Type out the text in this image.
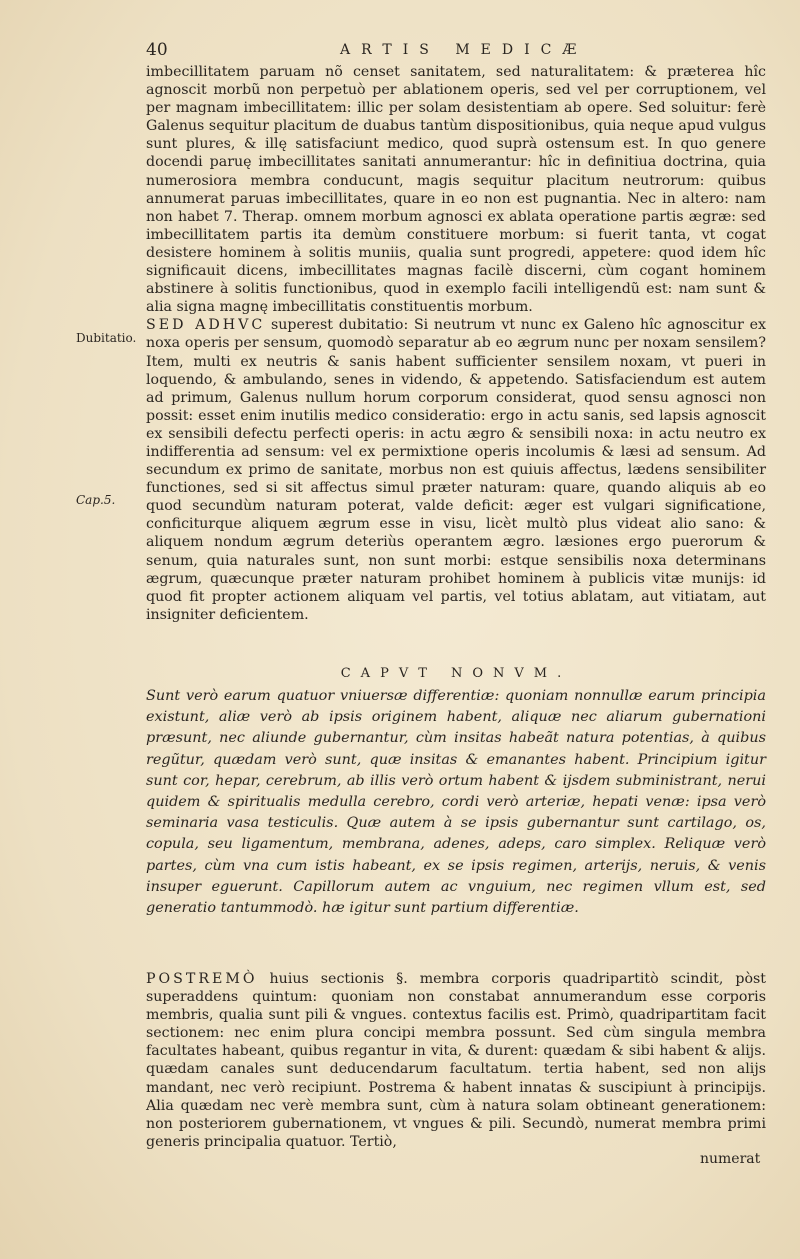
40	ARTIS MEDICÆ

imbecillitatem paruam nõ censet sanitatem, sed naturalitatem: & præterea hîc agnoscit morbũ non perpetuò per ablationem operis, sed vel per corruptionem, vel per magnam imbecillitatem: illic per solam desistentiam ab opere. Sed soluitur: ferè Galenus sequitur placitum de duabus tantùm dispositionibus, quia neque apud vulgus sunt plures, & illę satisfaciunt medico, quod suprà ostensum est. In quo genere docendi paruę imbecillitates sanitati annumerantur: hîc in definitiua doctrina, quia numerosiora membra conducunt, magis sequitur placitum neutrorum: quibus annumerat paruas imbecillitates, quare in eo non est pugnantia. Nec in altero: nam non habet 7. Therap. omnem morbum agnosci ex ablata operatione partis ægræ: sed imbecillitatem partis ita demùm constituere morbum: si fuerit tanta, vt cogat desistere hominem à solitis muniis, qualia sunt progredi, appetere: quod idem hîc significauit dicens, imbecillitates magnas facilè discerni, cùm cogant hominem abstinere à solitis functionibus, quod in exemplo facili intelligendũ est: nam sunt & alia signa magnę imbecillitatis constituentis morbum.

SED ADHVC superest dubitatio: Si neutrum vt nunc ex Galeno hîc agnoscitur ex noxa operis per sensum, quomodò separatur ab eo ægrum nunc per noxam sensilem? Item, multi ex neutris & sanis habent sufficienter sensilem noxam, vt pueri in loquendo, & ambulando, senes in videndo, & appetendo. Satisfaciendum est autem ad primum, Galenus nullum horum corporum considerat, quod sensu agnosci non possit: esset enim inutilis medico consideratio: ergo in actu sanis, sed lapsis agnoscit ex sensibili defectu perfecti operis: in actu ægro & sensibili noxa: in actu neutro ex indifferentia ad sensum: vel ex permixtione operis incolumis & læsi ad sensum. Ad secundum ex primo de sanitate, morbus non est quiuis affectus, lædens sensibiliter functiones, sed si sit affectus simul præter naturam: quare, quando aliquis ab eo quod secundùm naturam poterat, valde deficit: æger est vulgari significatione, conficiturque aliquem ægrum esse in visu, licèt multò plus videat alio sano: & aliquem nondum ægrum deteriùs operantem ægro. læsiones ergo puerorum & senum, quia naturales sunt, non sunt morbi: estque sensibilis noxa determinans ægrum, quæcunque præter naturam prohibet hominem à publicis vitæ munijs: id quod fit propter actionem aliquam vel partis, vel totius ablatam, aut vitiatam, aut insigniter deficientem.

Dubitatio.
Cap.5.
CAPVT NONVM.
Sunt verò earum quatuor vniuersæ differentiæ: quoniam nonnullæ earum principia existunt, aliæ verò ab ipsis originem habent, aliquæ nec aliarum gubernationi præsunt, nec aliunde gubernantur, cùm insitas habeãt natura potentias, à quibus regũtur, quædam verò sunt, quæ insitas & emanantes habent. Principium igitur sunt cor, hepar, cerebrum, ab illis verò ortum habent & ijsdem subministrant, nerui quidem & spiritualis medulla cerebro, cordi verò arteriæ, hepati venæ: ipsa verò seminaria vasa testiculis. Quæ autem à se ipsis gubernantur sunt cartilago, os, copula, seu ligamentum, membrana, adenes, adeps, caro simplex. Reliquæ verò partes, cùm vna cum istis habeant, ex se ipsis regimen, arterijs, neruis, & venis insuper eguerunt. Capillorum autem ac vnguium, nec regimen vllum est, sed generatio tantummodò. hæ igitur sunt partium differentiæ.

POSTREMÒ huius sectionis §. membra corporis quadripartitò scindit, pòst superaddens quintum: quoniam non constabat annumerandum esse corporis membris, qualia sunt pili & vngues. contextus facilis est. Primò, quadripartitam facit sectionem: nec enim plura concipi membra possunt. Sed cùm singula membra facultates habeant, quibus regantur in vita, & durent: quædam & sibi habent & alijs. quædam canales sunt deducendarum facultatum. tertia habent, sed non alijs mandant, nec verò recipiunt. Postrema & habent innatas & suscipiunt à principijs. Alia quædam nec verè membra sunt, cùm à natura solam obtineant generationem: non posteriorem gubernationem, vt vngues & pili. Secundò, numerat membra primi generis principalia quatuor. Tertiò,

numerat
